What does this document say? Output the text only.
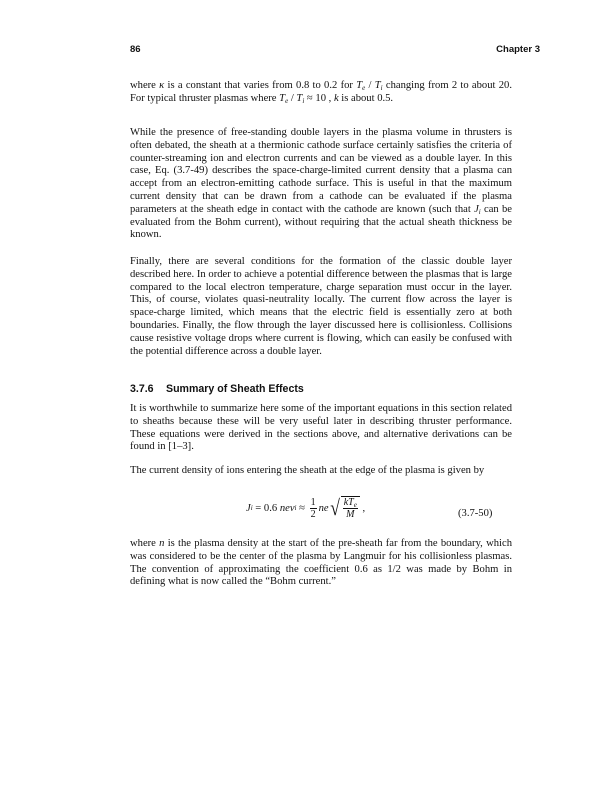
86	Chapter 3
where κ is a constant that varies from 0.8 to 0.2 for $T_e / T_i$ changing from 2 to about 20. For typical thruster plasmas where $T_e / T_i \approx 10$ , k is about 0.5.
While the presence of free-standing double layers in the plasma volume in thrusters is often debated, the sheath at a thermionic cathode surface certainly satisfies the criteria of counter-streaming ion and electron currents and can be viewed as a double layer. In this case, Eq. (3.7-49) describes the space-charge-limited current density that a plasma can accept from an electron-emitting cathode surface. This is useful in that the maximum current density that can be drawn from a cathode can be evaluated if the plasma parameters at the sheath edge in contact with the cathode are known (such that $J_i$ can be evaluated from the Bohm current), without requiring that the actual sheath thickness be known.
Finally, there are several conditions for the formation of the classic double layer described here. In order to achieve a potential difference between the plasmas that is large compared to the local electron temperature, charge separation must occur in the layer. This, of course, violates quasi-neutrality locally. The current flow across the layer is space-charge limited, which means that the electric field is essentially zero at both boundaries. Finally, the flow through the layer discussed here is collisionless. Collisions cause resistive voltage drops where current is flowing, which can easily be confused with the potential difference across a double layer.
3.7.6 Summary of Sheath Effects
It is worthwhile to summarize here some of the important equations in this section related to sheaths because these will be very useful later in describing thruster performance. These equations were derived in the sections above, and alternative derivations can be found in [1–3].
The current density of ions entering the sheath at the edge of the plasma is given by
J i = 0.6 nev $i \approx \frac{1}{2}$ ne √ $\frac{kT_e}{M}$ ,	(3.7-50)
where n is the plasma density at the start of the pre-sheath far from the boundary, which was considered to be the center of the plasma by Langmuir for his collisionless plasmas. The convention of approximating the coefficient 0.6 as 1/2 was made by Bohm in defining what is now called the “Bohm current.”
